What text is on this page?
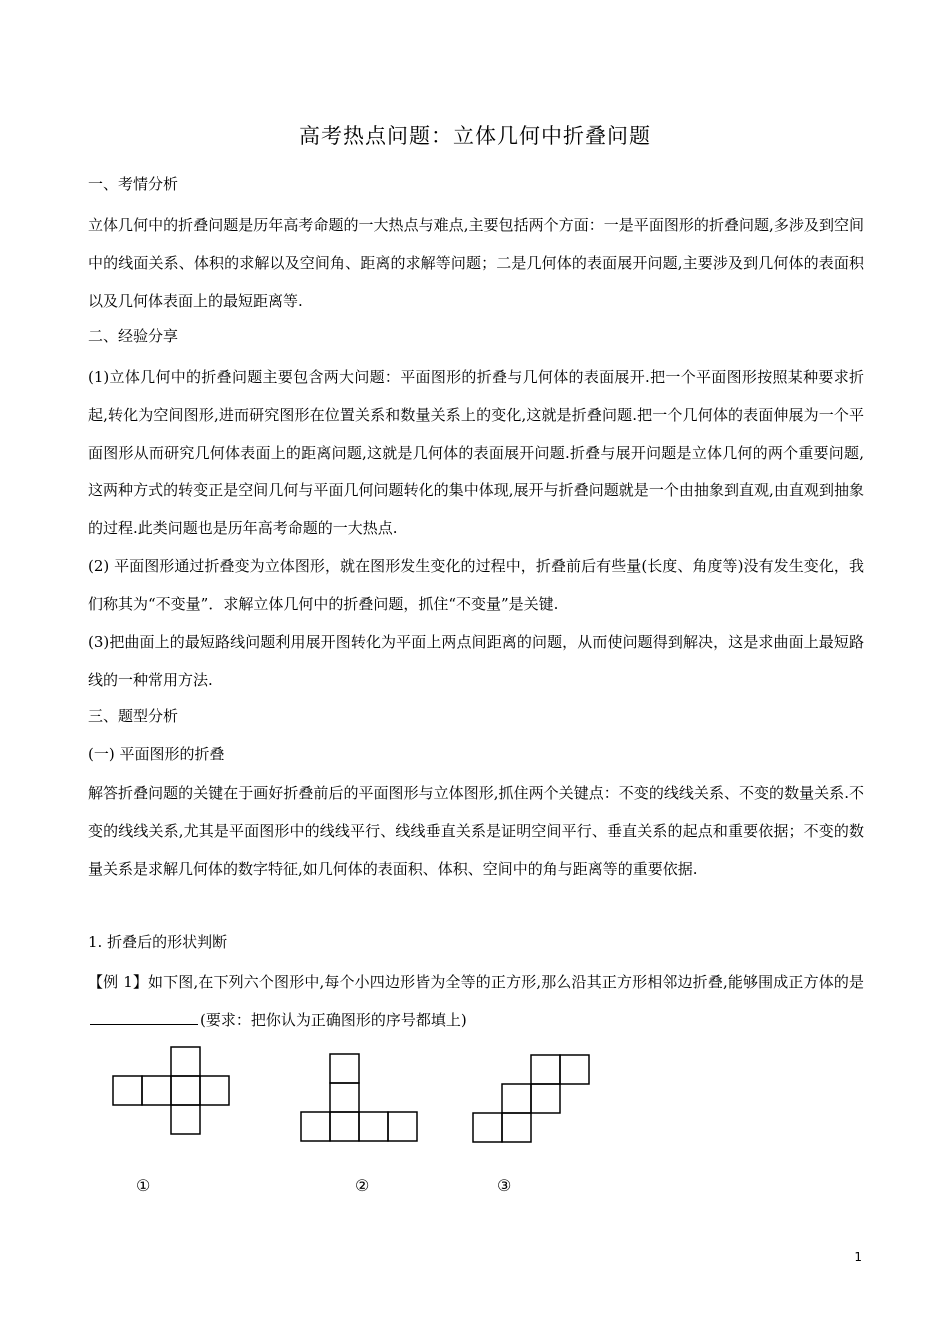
高考热点问题：立体几何中折叠问题

一、考情分析

立体几何中的折叠问题是历年高考命题的一大热点与难点,主要包括两个方面：一是平面图形的折叠问题,多涉及到空间中的线面关系、体积的求解以及空间角、距离的求解等问题；二是几何体的表面展开问题,主要涉及到几何体的表面积以及几何体表面上的最短距离等.

二、经验分享

(1)立体几何中的折叠问题主要包含两大问题：平面图形的折叠与几何体的表面展开.把一个平面图形按照某种要求折起,转化为空间图形,进而研究图形在位置关系和数量关系上的变化,这就是折叠问题.把一个几何体的表面伸展为一个平面图形从而研究几何体表面上的距离问题,这就是几何体的表面展开问题.折叠与展开问题是立体几何的两个重要问题,这两种方式的转变正是空间几何与平面几何问题转化的集中体现,展开与折叠问题就是一个由抽象到直观,由直观到抽象的过程.此类问题也是历年高考命题的一大热点.

(2) 平面图形通过折叠变为立体图形，就在图形发生变化的过程中，折叠前后有些量(长度、角度等)没有发生变化，我们称其为“不变量”．求解立体几何中的折叠问题，抓住“不变量”是关键.

(3)把曲面上的最短路线问题利用展开图转化为平面上两点间距离的问题，从而使问题得到解决，这是求曲面上最短路线的一种常用方法.

三、题型分析

(一) 平面图形的折叠

解答折叠问题的关键在于画好折叠前后的平面图形与立体图形,抓住两个关键点：不变的线线关系、不变的数量关系.不变的线线关系,尤其是平面图形中的线线平行、线线垂直关系是证明空间平行、垂直关系的起点和重要依据；不变的数量关系是求解几何体的数字特征,如几何体的表面积、体积、空间中的角与距离等的重要依据.

1. 折叠后的形状判断

【例 1】如下图,在下列六个图形中,每个小四边形皆为全等的正方形,那么沿其正方形相邻边折叠,能够围成正方体的是(要求：把你认为正确图形的序号都填上)

①	②	③
1
